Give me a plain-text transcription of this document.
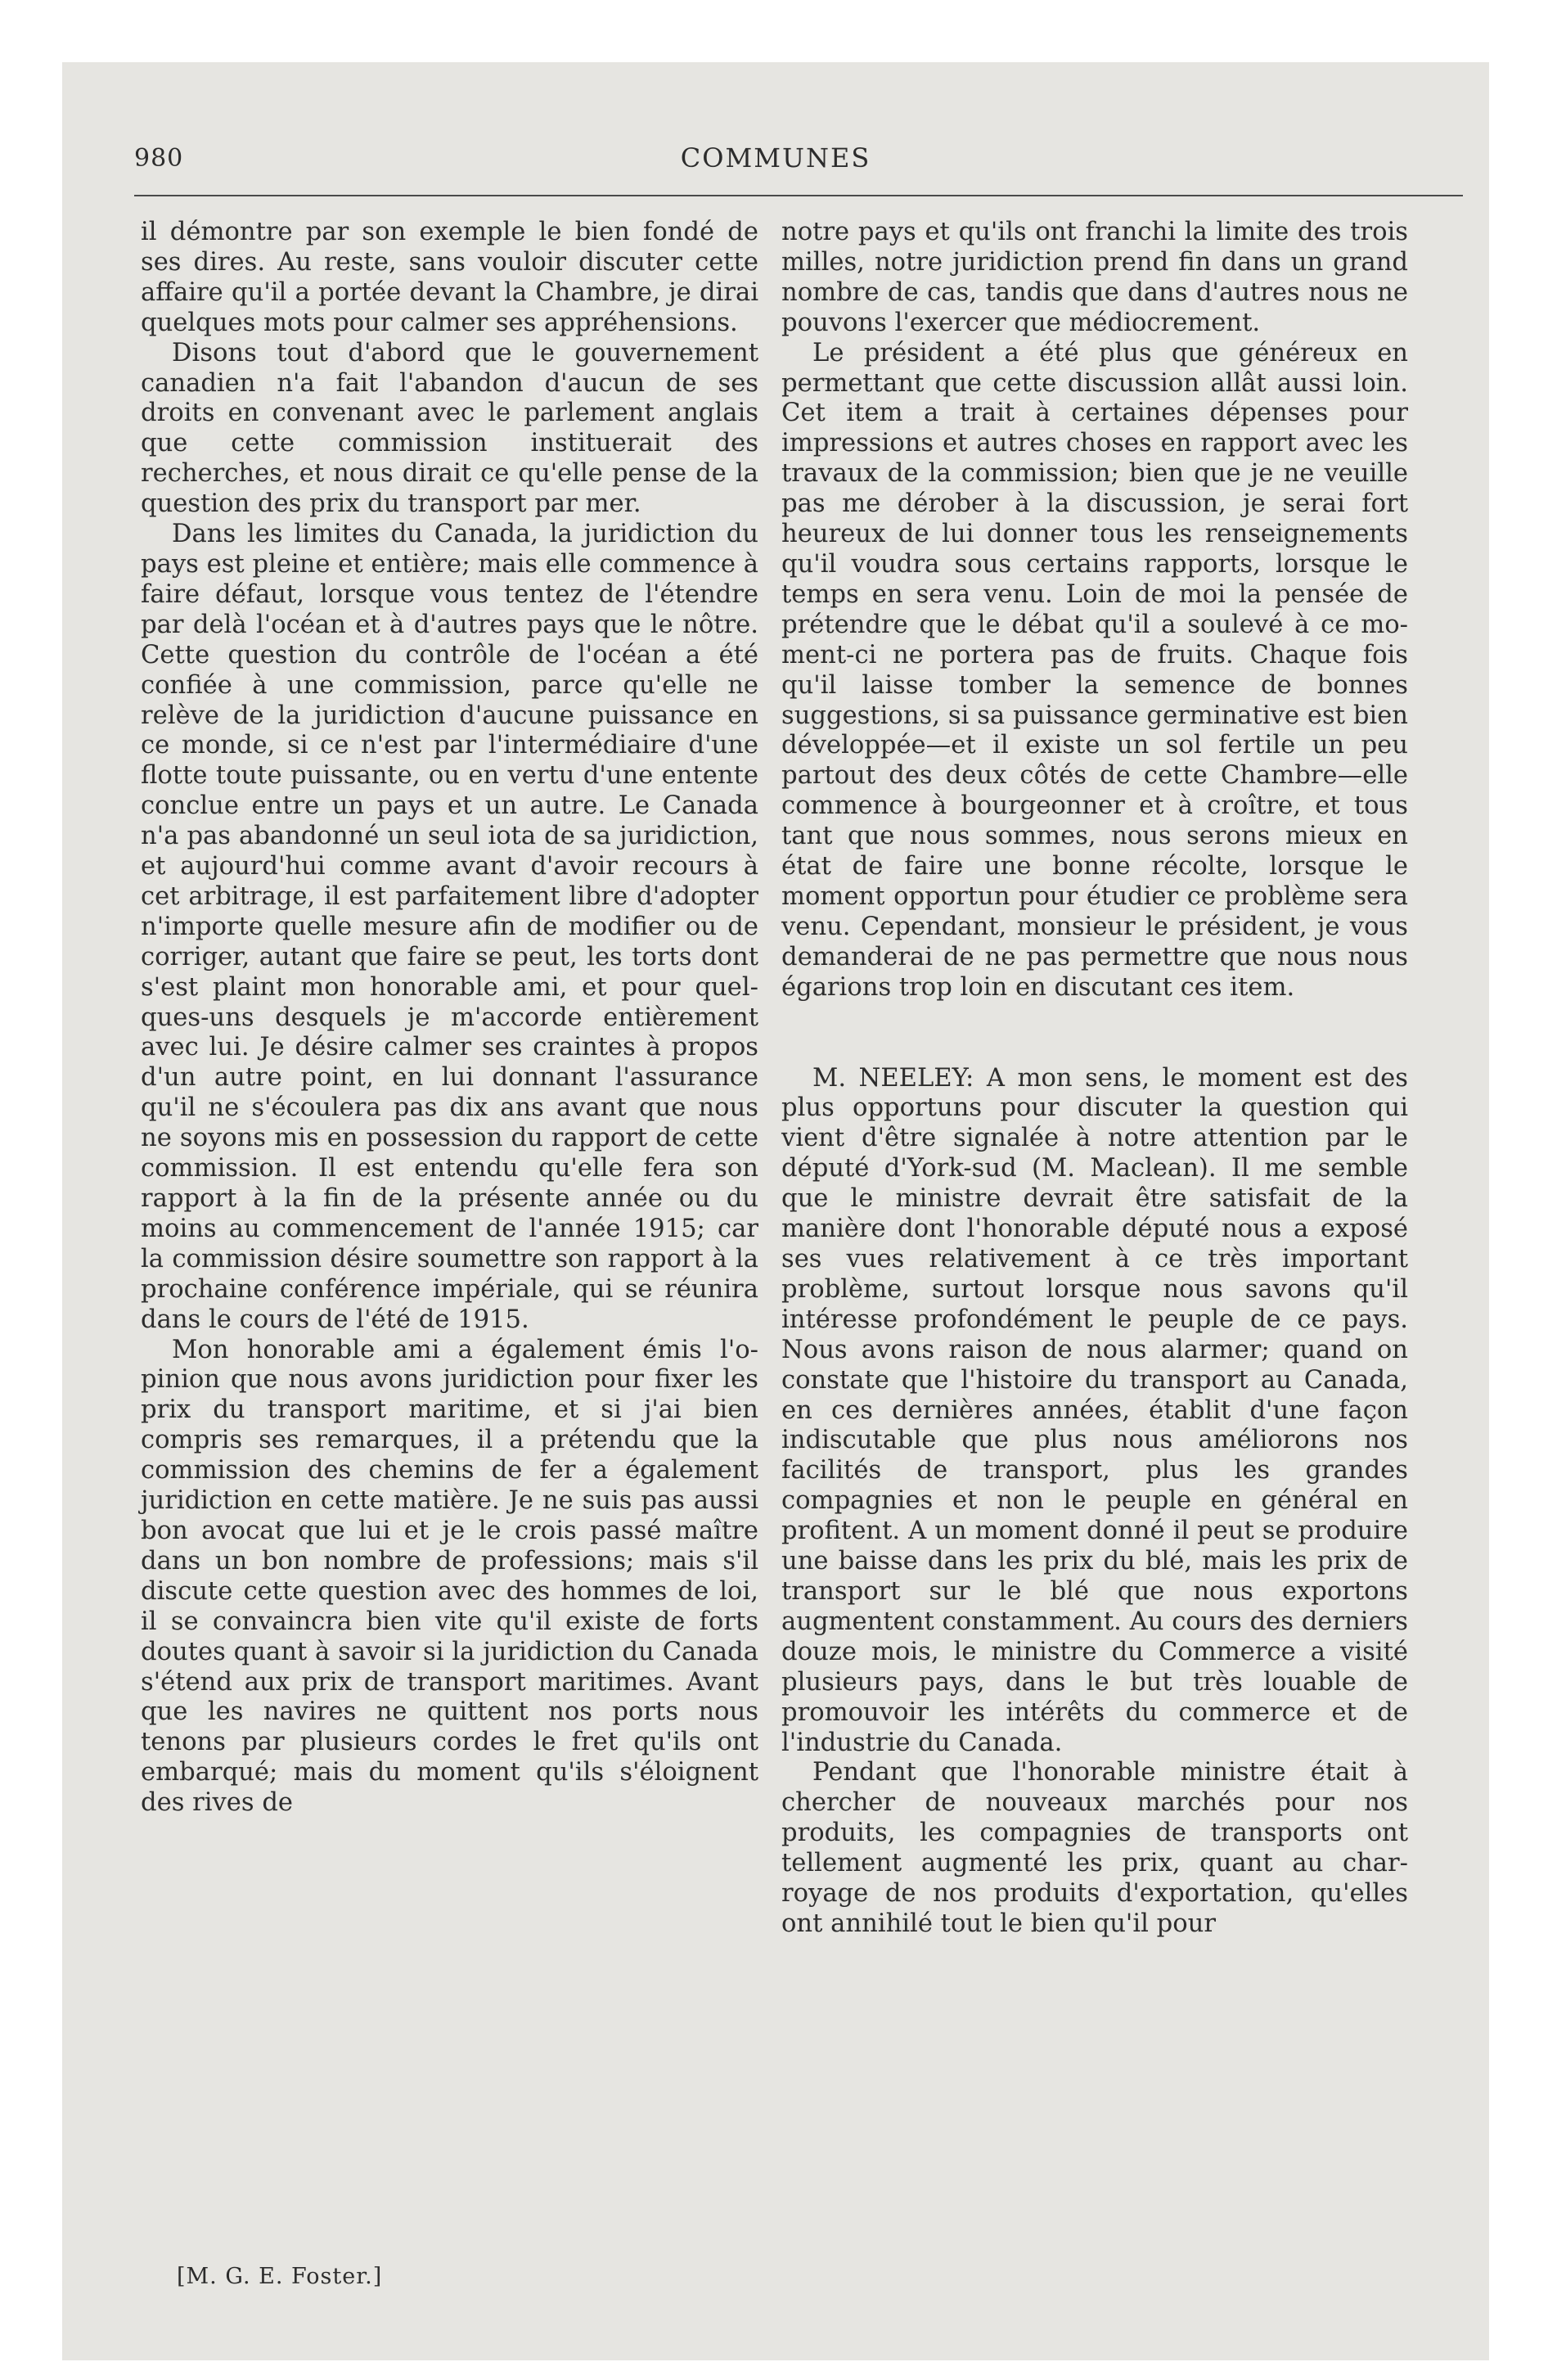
980	COMMUNES

il démontre par son exemple le bien fondé de ses dires. Au reste, sans vouloir discuter cette affaire qu'il a portée devant la Chambre, je dirai quelques mots pour calmer ses appréhensions.

Disons tout d'abord que le gouvernement canadien n'a fait l'abandon d'aucun de ses droits en convenant avec le parlement anglais que cette commission instituerait des recherches, et nous dirait ce qu'elle pense de la question des prix du transport par mer.

Dans les limites du Canada, la juridiction du pays est pleine et entière; mais elle commence à faire défaut, lorsque vous tentez de l'étendre par delà l'océan et à d'autres pays que le nôtre. Cette question du contrôle de l'océan a été confiée à une commission, parce qu'elle ne relève de la juridiction d'aucune puissance en ce monde, si ce n'est par l'intermédiaire d'une flotte toute puissante, ou en vertu d'une entente conclue entre un pays et un autre. Le Canada n'a pas abandonné un seul iota de sa juridiction, et aujourd'hui comme avant d'avoir recours à cet arbitrage, il est parfaitement libre d'adopter n'importe quelle mesure afin de modifier ou de corriger, autant que faire se peut, les torts dont s'est plaint mon honorable ami, et pour quelques-uns desquels je m'accorde entièrement avec lui. Je désire calmer ses craintes à propos d'un autre point, en lui donnant l'assurance qu'il ne s'écoulera pas dix ans avant que nous ne soyons mis en possession du rapport de cette commission. Il est entendu qu'elle fera son rapport à la fin de la présente année ou du moins au commencement de l'année 1915; car la commission désire soumettre son rapport à la prochaine conférence impériale, qui se réunira dans le cours de l'été de 1915.

Mon honorable ami a également émis l'opinion que nous avons juridiction pour fixer les prix du transport maritime, et si j'ai bien compris ses remarques, il a prétendu que la commission des chemins de fer a également juridiction en cette matière. Je ne suis pas aussi bon avocat que lui et je le crois passé maître dans un bon nombre de professions; mais s'il discute cette question avec des hommes de loi, il se convaincra bien vite qu'il existe de forts doutes quant à savoir si la juridiction du Canada s'étend aux prix de transport maritimes. Avant que les navires ne quittent nos ports nous tenons par plusieurs cordes le fret qu'ils ont embarqué; mais du moment qu'ils s'éloignent des rives de

notre pays et qu'ils ont franchi la limite des trois milles, notre juridiction prend fin dans un grand nombre de cas, tandis que dans d'autres nous ne pouvons l'exercer que médiocrement.

Le président a été plus que généreux en permettant que cette discussion allât aussi loin. Cet item a trait à certaines dépenses pour impressions et autres choses en rapport avec les travaux de la commission; bien que je ne veuille pas me dérober à la discussion, je serai fort heureux de lui donner tous les renseignements qu'il voudra sous certains rapports, lorsque le temps en sera venu. Loin de moi la pensée de prétendre que le débat qu'il a soulevé à ce moment-ci ne portera pas de fruits. Chaque fois qu'il laisse tomber la semence de bonnes suggestions, si sa puissance germinative est bien développée—et il existe un sol fertile un peu partout des deux côtés de cette Chambre—elle commence à bourgeonner et à croître, et tous tant que nous sommes, nous serons mieux en état de faire une bonne récolte, lorsque le moment opportun pour étudier ce problème sera venu. Cependant, monsieur le président, je vous demanderai de ne pas permettre que nous nous égarions trop loin en discutant ces item.

M. NEELEY: A mon sens, le moment est des plus opportuns pour discuter la question qui vient d'être signalée à notre attention par le député d'York-sud (M. Maclean). Il me semble que le ministre devrait être satisfait de la manière dont l'honorable député nous a exposé ses vues relativement à ce très important problème, surtout lorsque nous savons qu'il intéresse profondément le peuple de ce pays. Nous avons raison de nous alarmer; quand on constate que l'histoire du transport au Canada, en ces dernières années, établit d'une façon indiscutable que plus nous améliorons nos facilités de transport, plus les grandes compagnies et non le peuple en général en profitent. A un moment donné il peut se produire une baisse dans les prix du blé, mais les prix de transport sur le blé que nous exportons augmentent constamment. Au cours des derniers douze mois, le ministre du Commerce a visité plusieurs pays, dans le but très louable de promouvoir les intérêts du commerce et de l'industrie du Canada.

Pendant que l'honorable ministre était à chercher de nouveaux marchés pour nos produits, les compagnies de transports ont tellement augmenté les prix, quant au charroyage de nos produits d'exportation, qu'elles ont annihilé tout le bien qu'il pour

[M. G. E. Foster.]
